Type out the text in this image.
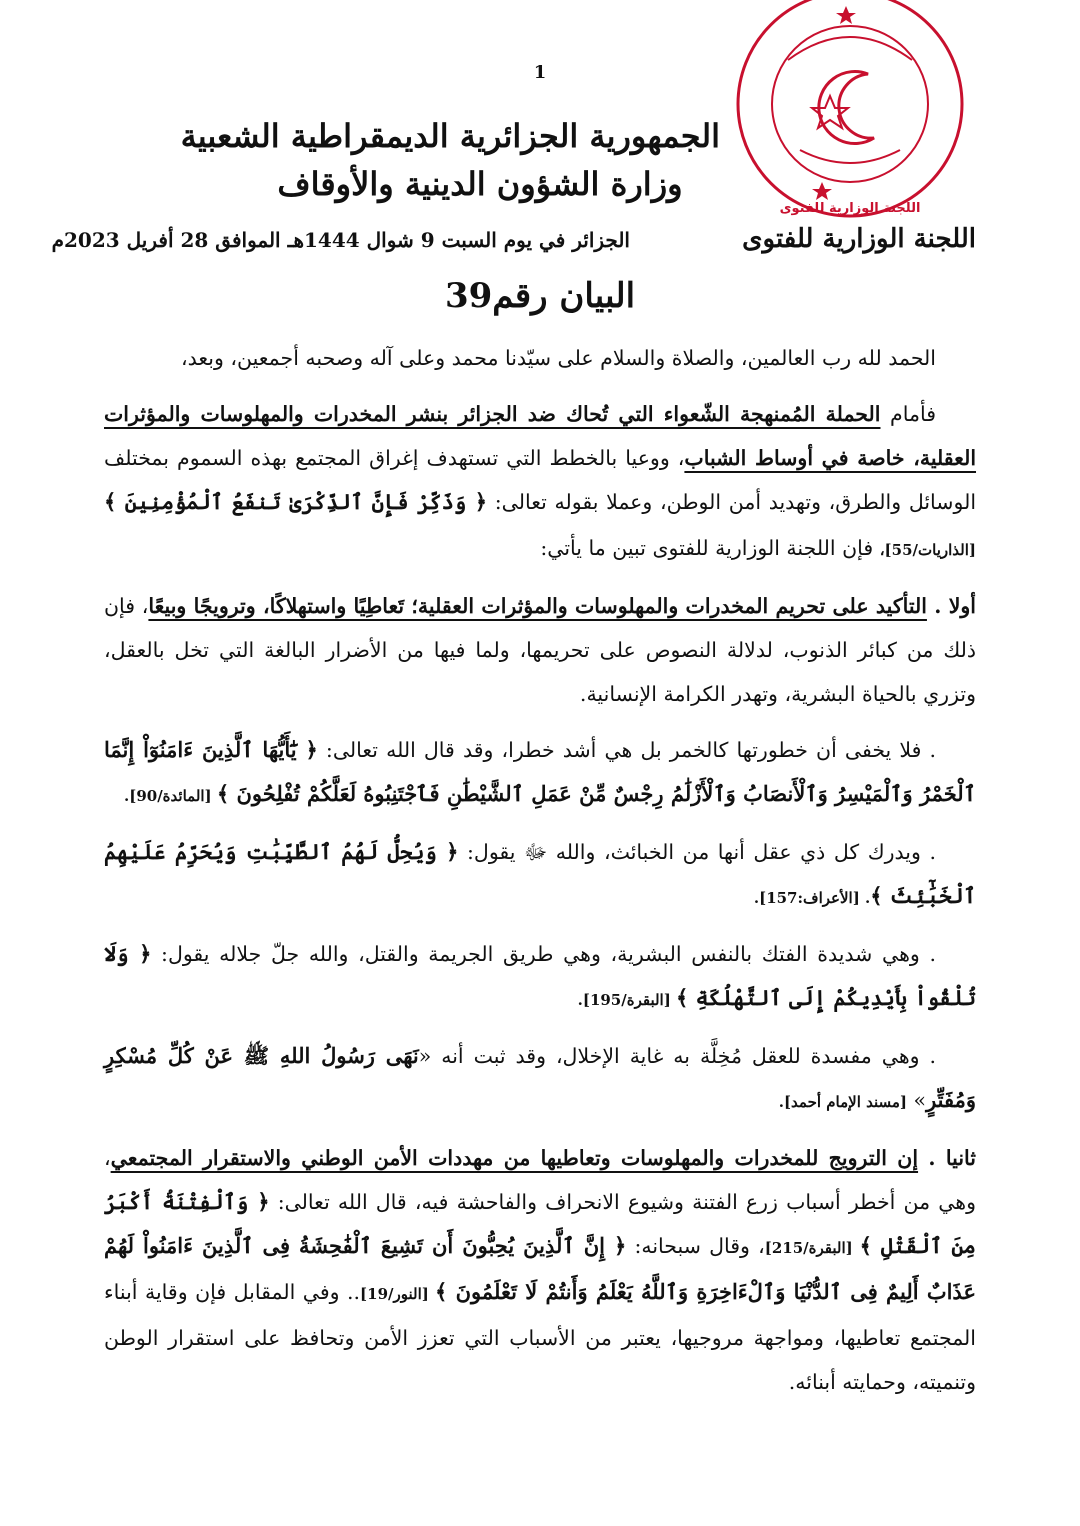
1
اللجنة الوزارية للفتوى
الجمهورية الجزائرية الديمقراطية الشعبية
وزارة الشؤون الدينية والأوقاف
اللجنة الوزارية للفتوى
الجزائر في يوم السبت 9 شوال 1444هـ الموافق 28 أفريل 2023م
البيان رقم39

الحمد لله رب العالمين، والصلاة والسلام على سيّدنا محمد وعلى آله وصحبه أجمعين، وبعد،

فأمام الحملة المُمنهجة الشّعواء التي تُحاك ضد الجزائر بنشر المخدرات والمهلوسات والمؤثرات العقلية، خاصة في أوساط الشباب، ووعيا بالخطط التي تستهدف إغراق المجتمع بهذه السموم بمختلف الوسائل والطرق، وتهديد أمن الوطن، وعملا بقوله تعالى: ﴿ وَذَكِّرْ فَإِنَّ ٱلذِّكْرَىٰ تَنفَعُ ٱلْمُؤْمِنِينَ ﴾ [الذاريات/55]، فإن اللجنة الوزارية للفتوى تبين ما يأتي:

أولا . التأكيد على تحريم المخدرات والمهلوسات والمؤثرات العقلية؛ تَعاطِيًا واستهلاكًا، وترويجًا وبيعًا، فإن ذلك من كبائر الذنوب، لدلالة النصوص على تحريمها، ولما فيها من الأضرار البالغة التي تخل بالعقل، وتزري بالحياة البشرية، وتهدر الكرامة الإنسانية.

. فلا يخفى أن خطورتها كالخمر بل هي أشد خطرا، وقد قال الله تعالى: ﴿ يَٰٓأَيُّهَا ٱلَّذِينَ ءَامَنُوٓاْ إِنَّمَا ٱلْخَمْرُ وَٱلْمَيْسِرُ وَٱلْأَنصَابُ وَٱلْأَزْلَٰمُ رِجْسٌ مِّنْ عَمَلِ ٱلشَّيْطَٰنِ فَٱجْتَنِبُوهُ لَعَلَّكُمْ تُفْلِحُونَ ﴾ [المائدة/90].

. ويدرك كل ذي عقل أنها من الخبائث، والله ﷻ يقول: ﴿ وَيُحِلُّ لَهُمُ ٱلطَّيِّبَٰتِ وَيُحَرِّمُ عَلَيْهِمُ ٱلْخَبَٰٓئِثَ ﴾. [الأعراف:157].

. وهي شديدة الفتك بالنفس البشرية، وهي طريق الجريمة والقتل، والله جلّ جلاله يقول: ﴿ وَلَا تُلْقُواْ بِأَيْدِيكُمْ إِلَى ٱلتَّهْلُكَةِ ﴾ [البقرة/195].

. وهي مفسدة للعقل مُخِلَّة به غاية الإخلال، وقد ثبت أنه «نَهَى رَسُولُ اللهِ ﷺ عَنْ كُلِّ مُسْكِرٍ وَمُفَتِّرٍ» [مسند الإمام أحمد].

ثانيا . إن الترويج للمخدرات والمهلوسات وتعاطيها من مهددات الأمن الوطني والاستقرار المجتمعي، وهي من أخطر أسباب زرع الفتنة وشيوع الانحراف والفاحشة فيه، قال الله تعالى: ﴿ وَٱلْفِتْنَةُ أَكْبَرُ مِنَ ٱلْقَتْلِ ﴾ [البقرة/215]، وقال سبحانه: ﴿ إِنَّ ٱلَّذِينَ يُحِبُّونَ أَن تَشِيعَ ٱلْفَٰحِشَةُ فِى ٱلَّذِينَ ءَامَنُواْ لَهُمْ عَذَابٌ أَلِيمٌ فِى ٱلدُّنْيَا وَٱلْءَاخِرَةِ وَٱللَّهُ يَعْلَمُ وَأَنتُمْ لَا تَعْلَمُونَ ﴾ [النور/19].. وفي المقابل فإن وقاية أبناء المجتمع تعاطيها، ومواجهة مروجيها، يعتبر من الأسباب التي تعزز الأمن وتحافظ على استقرار الوطن وتنميته، وحمايته أبنائه.
